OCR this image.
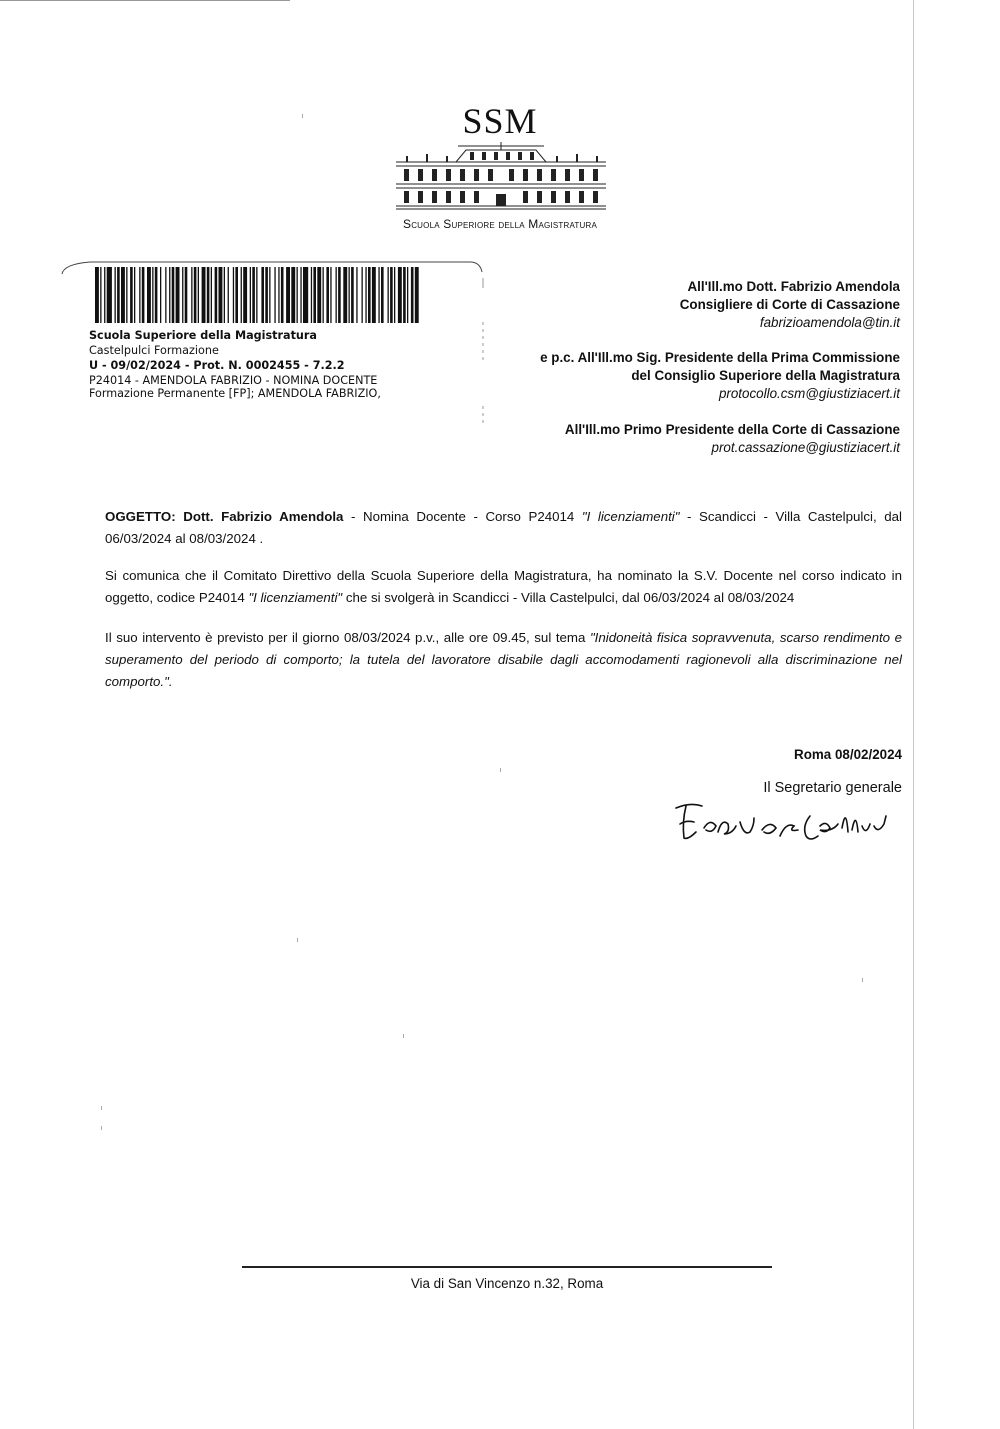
SSM
Scuola Superiore della Magistratura
Scuola Superiore della Magistratura
Castelpulci Formazione
U - 09/02/2024 - Prot. N. 0002455 - 7.2.2
P24014 - AMENDOLA FABRIZIO - NOMINA DOCENTE
Formazione Permanente [FP]; AMENDOLA FABRIZIO,
All'Ill.mo Dott. Fabrizio Amendola
Consigliere di Corte di Cassazione
fabrizioamendola@tin.it
e p.c. All'Ill.mo Sig. Presidente della Prima Commissione
del Consiglio Superiore della Magistratura
protocollo.csm@giustiziacert.it
All'Ill.mo Primo Presidente della Corte di Cassazione
prot.cassazione@giustiziacert.it

OGGETTO: Dott. Fabrizio Amendola - Nomina Docente - Corso P24014 "I licenziamenti" - Scandicci - Villa Castelpulci, dal 06/03/2024 al 08/03/2024 .

Si comunica che il Comitato Direttivo della Scuola Superiore della Magistratura, ha nominato la S.V. Docente nel corso indicato in oggetto, codice P24014 "I licenziamenti" che si svolgerà in Scandicci - Villa Castelpulci, dal 06/03/2024 al 08/03/2024

Il suo intervento è previsto per il giorno 08/03/2024 p.v., alle ore 09.45, sul tema "Inidoneità fisica sopravvenuta, scarso rendimento e superamento del periodo di comporto; la tutela del lavoratore disabile dagli accomodamenti ragionevoli alla discriminazione nel comporto.".

Roma 08/02/2024
Il Segretario generale
Via di San Vincenzo n.32, Roma
